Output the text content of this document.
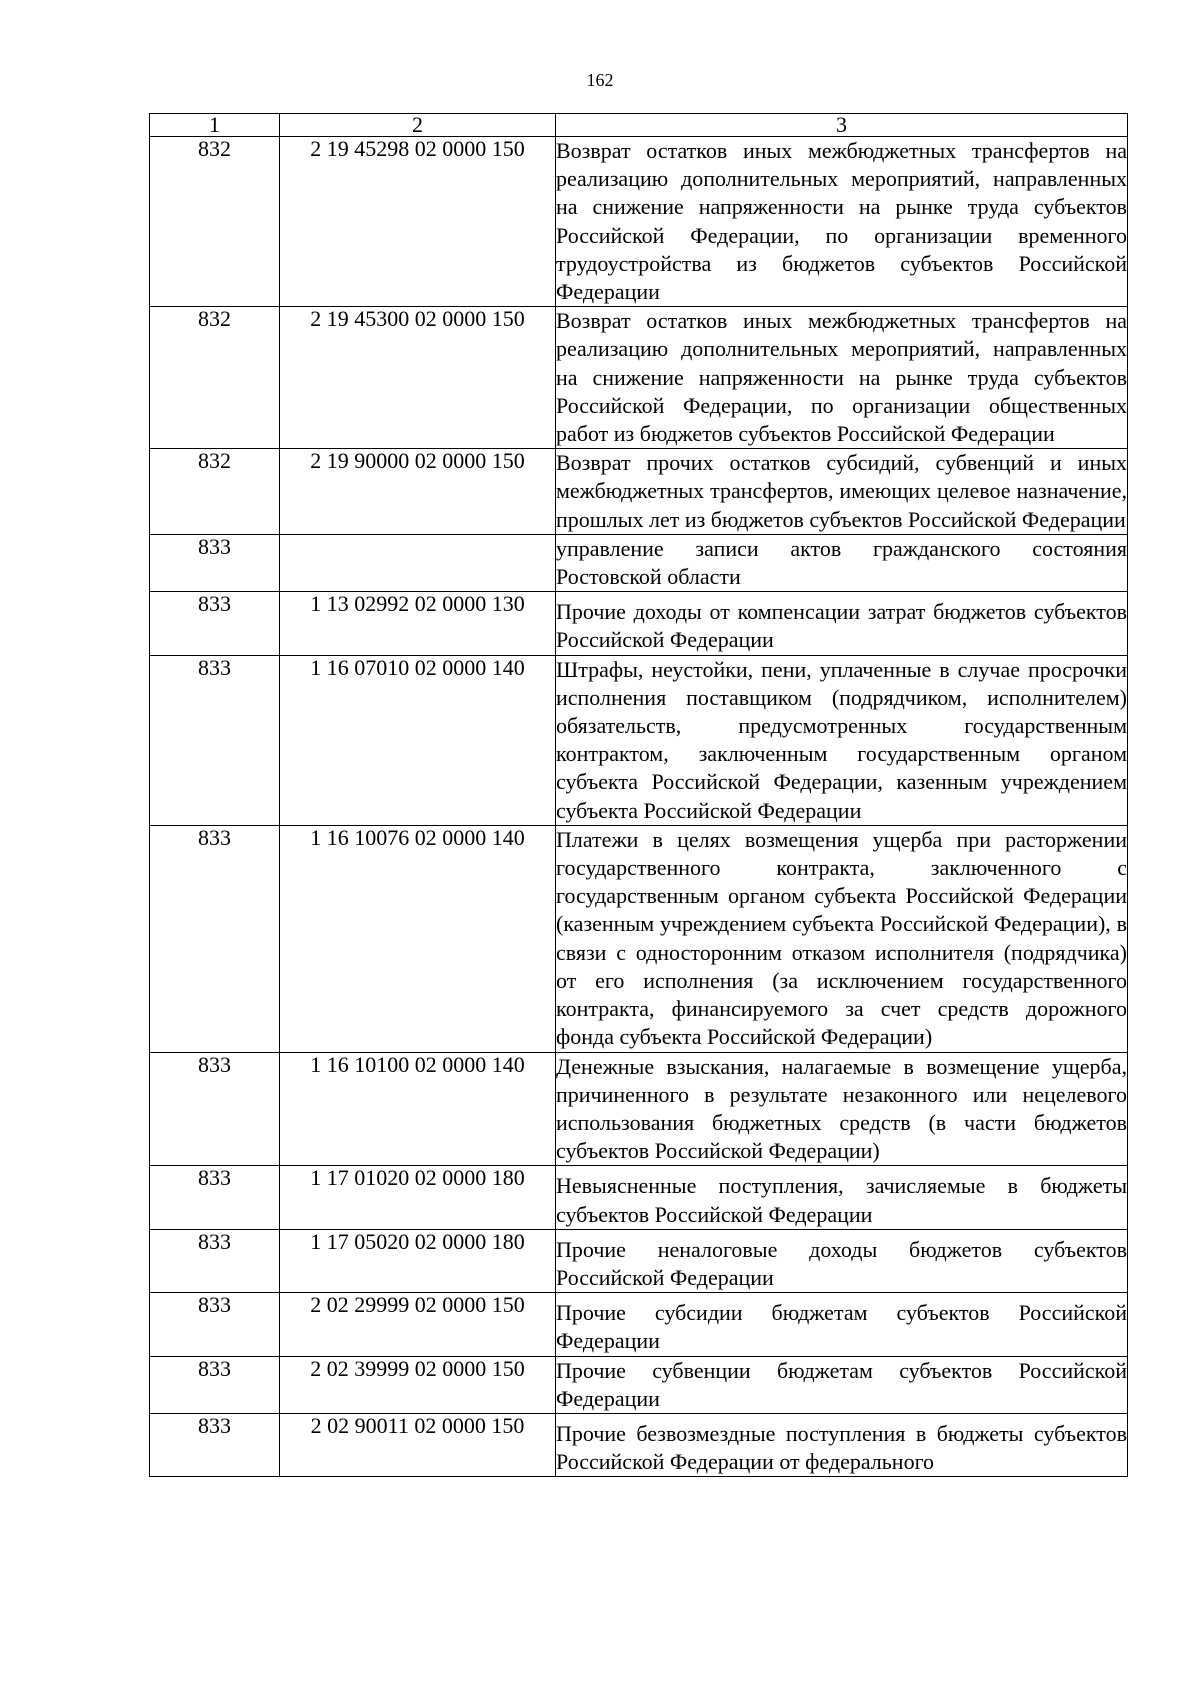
162
1	2	3
832	2 19 45298 02 0000 150	Возврат остатков иных межбюджетных трансфертов на реализацию дополнительных мероприятий, направленных на снижение напряженности на рынке труда субъектов Российской Федерации, по организации временного трудоустройства из бюджетов субъектов Российской Федерации
832	2 19 45300 02 0000 150	Возврат остатков иных межбюджетных трансфертов на реализацию дополнительных мероприятий, направленных на снижение напряженности на рынке труда субъектов Российской Федерации, по организации общественных работ из бюджетов субъектов Российской Федерации
832	2 19 90000 02 0000 150	Возврат прочих остатков субсидий, субвенций и иных межбюджетных трансфертов, имеющих целевое назначение, прошлых лет из бюджетов субъектов Российской Федерации
833		управление записи актов гражданского состояния Ростовской области
833	1 13 02992 02 0000 130	Прочие доходы от компенсации затрат бюджетов субъектов Российской Федерации
833	1 16 07010 02 0000 140	Штрафы, неустойки, пени, уплаченные в случае просрочки исполнения поставщиком (подрядчиком, исполнителем) обязательств, предусмотренных государственным контрактом, заключенным государственным органом субъекта Российской Федерации, казенным учреждением субъекта Российской Федерации
833	1 16 10076 02 0000 140	Платежи в целях возмещения ущерба при расторжении государственного контракта, заключенного с государственным органом субъекта Российской Федерации (казенным учреждением субъекта Российской Федерации), в связи с односторонним отказом исполнителя (подрядчика) от его исполнения (за исключением государственного контракта, финансируемого за счет средств дорожного фонда субъекта Российской Федерации)
833	1 16 10100 02 0000 140	Денежные взыскания, налагаемые в возмещение ущерба, причиненного в результате незаконного или нецелевого использования бюджетных средств (в части бюджетов субъектов Российской Федерации)
833	1 17 01020 02 0000 180	Невыясненные поступления, зачисляемые в бюджеты субъектов Российской Федерации
833	1 17 05020 02 0000 180	Прочие неналоговые доходы бюджетов субъектов Российской Федерации
833	2 02 29999 02 0000 150	Прочие субсидии бюджетам субъектов Российской Федерации
833	2 02 39999 02 0000 150	Прочие субвенции бюджетам субъектов Российской Федерации
833	2 02 90011 02 0000 150	Прочие безвозмездные поступления в бюджеты субъектов Российской Федерации от федерального
